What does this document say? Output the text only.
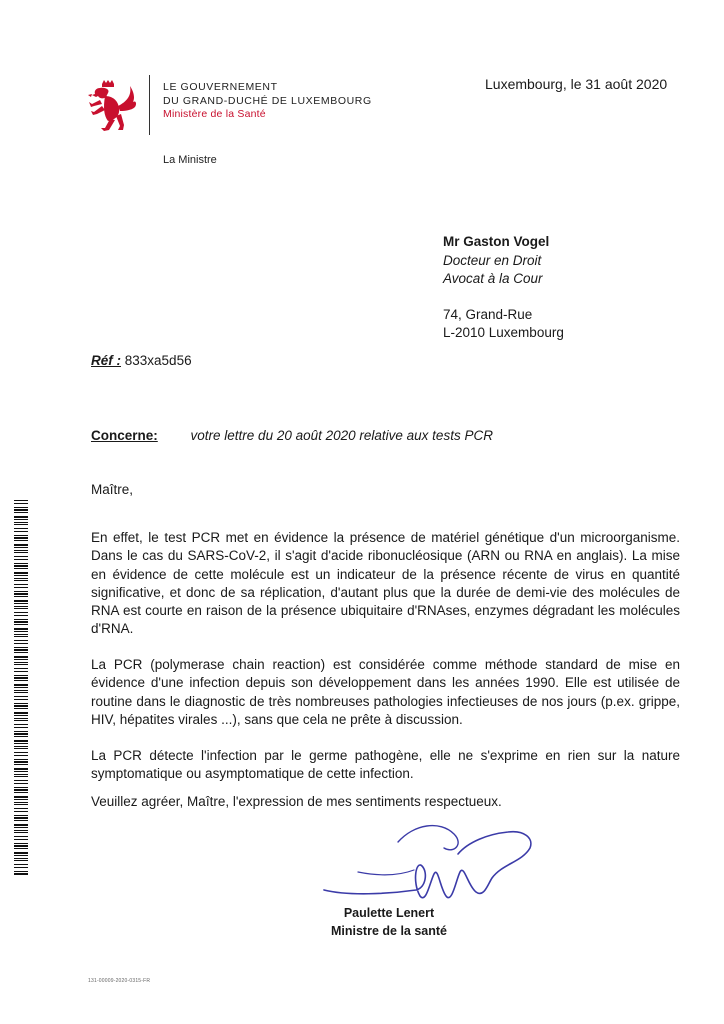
LE GOUVERNEMENT
DU GRAND-DUCHÉ DE LUXEMBOURG
Ministère de la Santé
La Ministre
Luxembourg, le 31 août 2020
Mr Gaston Vogel
Docteur en Droit
Avocat à la Cour
74, Grand-Rue
L-2010 Luxembourg
Réf : 833xa5d56
Concerne: votre lettre du 20 août 2020 relative aux tests PCR
Maître,
En effet, le test PCR met en évidence la présence de matériel génétique d'un microorganisme. Dans le cas du SARS-CoV-2, il s'agit d'acide ribonucléosique (ARN ou RNA en anglais). La mise en évidence de cette molécule est un indicateur de la présence récente de virus en quantité significative, et donc de sa réplication, d'autant plus que la durée de demi-vie des molécules de RNA est courte en raison de la présence ubiquitaire d'RNAses, enzymes dégradant les molécules d'RNA.
La PCR (polymerase chain reaction) est considérée comme méthode standard de mise en évidence d'une infection depuis son développement dans les années 1990. Elle est utilisée de routine dans le diagnostic de très nombreuses pathologies infectieuses de nos jours (p.ex. grippe, HIV, hépatites virales ...), sans que cela ne prête à discussion.
La PCR détecte l'infection par le germe pathogène, elle ne s'exprime en rien sur la nature symptomatique ou asymptomatique de cette infection.
Veuillez agréer, Maître, l'expression de mes sentiments respectueux.
Paulette Lenert
Ministre de la santé
131-00009-2020-0315-FR
